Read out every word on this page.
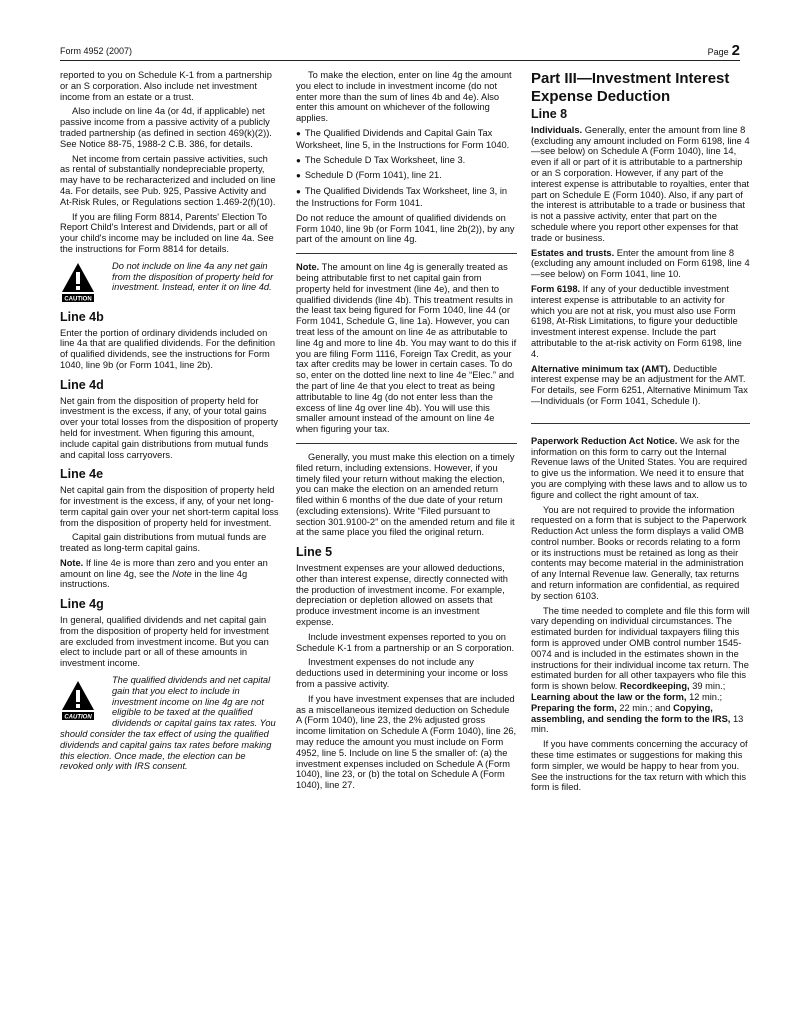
Form 4952 (2007)	Page 2

reported to you on Schedule K-1 from a partnership or an S corporation. Also include net investment income from an estate or a trust.

Also include on line 4a (or 4d, if applicable) net passive income from a passive activity of a publicly traded partnership (as defined in section 469(k)(2)). See Notice 88-75, 1988-2 C.B. 386, for details.

Net income from certain passive activities, such as rental of substantially nondepreciable property, may have to be recharacterized and included on line 4a. For details, see Pub. 925, Passive Activity and At-Risk Rules, or Regulations section 1.469-2(f)(10).

If you are filing Form 8814, Parents' Election To Report Child's Interest and Dividends, part or all of your child's income may be included on line 4a. See the instructions for Form 8814 for details.

CAUTION
Do not include on line 4a any net gain from the disposition of property held for investment. Instead, enter it on line 4d.
Line 4b

Enter the portion of ordinary dividends included on line 4a that are qualified dividends. For the definition of qualified dividends, see the instructions for Form 1040, line 9b (or Form 1041, line 2b).

Line 4d

Net gain from the disposition of property held for investment is the excess, if any, of your total gains over your total losses from the disposition of property held for investment. When figuring this amount, include capital gain distributions from mutual funds and capital loss carryovers.

Line 4e

Net capital gain from the disposition of property held for investment is the excess, if any, of your net long-term capital gain over your net short-term capital loss from the disposition of property held for investment.

Capital gain distributions from mutual funds are treated as long-term capital gains.

Note. If line 4e is more than zero and you enter an amount on line 4g, see the Note in the line 4g instructions.

Line 4g

In general, qualified dividends and net capital gain from the disposition of property held for investment are excluded from investment income. But you can elect to include part or all of these amounts in investment income.

CAUTION
The qualified dividends and net capital gain that you elect to include in investment income on line 4g are not eligible to be taxed at the qualified dividends or capital gains tax rates. You should consider the tax effect of using the qualified dividends and capital gains tax rates before making this election. Once made, the election can be revoked only with IRS consent.

To make the election, enter on line 4g the amount you elect to include in investment income (do not enter more than the sum of lines 4b and 4e). Also enter this amount on whichever of the following applies.

● The Qualified Dividends and Capital Gain Tax Worksheet, line 5, in the Instructions for Form 1040.

● The Schedule D Tax Worksheet, line 3.

● Schedule D (Form 1041), line 21.

● The Qualified Dividends Tax Worksheet, line 3, in the Instructions for Form 1041.

Do not reduce the amount of qualified dividends on Form 1040, line 9b (or Form 1041, line 2b(2)), by any part of the amount on line 4g.

Note. The amount on line 4g is generally treated as being attributable first to net capital gain from property held for investment (line 4e), and then to qualified dividends (line 4b). This treatment results in the least tax being figured for Form 1040, line 44 (or Form 1041, Schedule G, line 1a). However, you can treat less of the amount on line 4e as attributable to line 4g and more to line 4b. You may want to do this if you are filing Form 1116, Foreign Tax Credit, as your tax after credits may be lower in certain cases. To do so, enter on the dotted line next to line 4e “Elec.” and the part of line 4e that you elect to treat as being attributable to line 4g (do not enter less than the excess of line 4g over line 4b). You will use this smaller amount instead of the amount on line 4e when figuring your tax.

Generally, you must make this election on a timely filed return, including extensions. However, if you timely filed your return without making the election, you can make the election on an amended return filed within 6 months of the due date of your return (excluding extensions). Write “Filed pursuant to section 301.9100-2” on the amended return and file it at the same place you filed the original return.

Line 5

Investment expenses are your allowed deductions, other than interest expense, directly connected with the production of investment income. For example, depreciation or depletion allowed on assets that produce investment income is an investment expense.

Include investment expenses reported to you on Schedule K-1 from a partnership or an S corporation.

Investment expenses do not include any deductions used in determining your income or loss from a passive activity.

If you have investment expenses that are included as a miscellaneous itemized deduction on Schedule A (Form 1040), line 23, the 2% adjusted gross income limitation on Schedule A (Form 1040), line 26, may reduce the amount you must include on Form 4952, line 5. Include on line 5 the smaller of: (a) the investment expenses included on Schedule A (Form 1040), line 23, or (b) the total on Schedule A (Form 1040), line 27.

Part III—Investment Interest Expense Deduction
Line 8

Individuals. Generally, enter the amount from line 8 (excluding any amount included on Form 6198, line 4—see below) on Schedule A (Form 1040), line 14, even if all or part of it is attributable to a partnership or an S corporation. However, if any part of the interest expense is attributable to royalties, enter that part on Schedule E (Form 1040). Also, if any part of the interest is attributable to a trade or business that is not a passive activity, enter that part on the schedule where you report other expenses for that trade or business.

Estates and trusts. Enter the amount from line 8 (excluding any amount included on Form 6198, line 4—see below) on Form 1041, line 10.

Form 6198. If any of your deductible investment interest expense is attributable to an activity for which you are not at risk, you must also use Form 6198, At-Risk Limitations, to figure your deductible investment interest expense. Include the part attributable to the at-risk activity on Form 6198, line 4.

Alternative minimum tax (AMT). Deductible interest expense may be an adjustment for the AMT. For details, see Form 6251, Alternative Minimum Tax—Individuals (or Form 1041, Schedule I).

Paperwork Reduction Act Notice. We ask for the information on this form to carry out the Internal Revenue laws of the United States. You are required to give us the information. We need it to ensure that you are complying with these laws and to allow us to figure and collect the right amount of tax.

You are not required to provide the information requested on a form that is subject to the Paperwork Reduction Act unless the form displays a valid OMB control number. Books or records relating to a form or its instructions must be retained as long as their contents may become material in the administration of any Internal Revenue law. Generally, tax returns and return information are confidential, as required by section 6103.

The time needed to complete and file this form will vary depending on individual circumstances. The estimated burden for individual taxpayers filing this form is approved under OMB control number 1545-0074 and is included in the estimates shown in the instructions for their individual income tax return. The estimated burden for all other taxpayers who file this form is shown below. Recordkeeping, 39 min.; Learning about the law or the form, 12 min.; Preparing the form, 22 min.; and Copying, assembling, and sending the form to the IRS, 13 min.

If you have comments concerning the accuracy of these time estimates or suggestions for making this form simpler, we would be happy to hear from you. See the instructions for the tax return with which this form is filed.
